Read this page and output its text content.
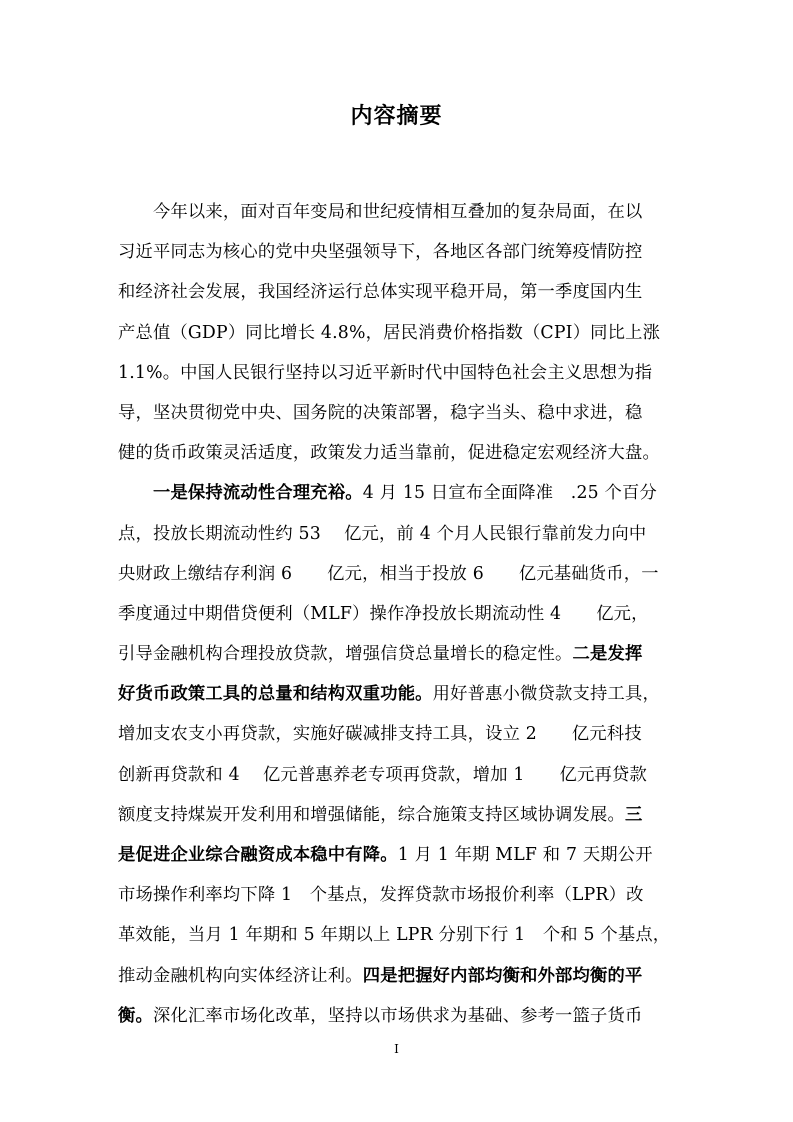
内容摘要
　　今年以来，面对百年变局和世纪疫情相互叠加的复杂局面，在以
习近平同志为核心的党中央坚强领导下，各地区各部门统筹疫情防控
和经济社会发展，我国经济运行总体实现平稳开局，第一季度国内生
产总值（GDP）同比增长 4.8%，居民消费价格指数（CPI）同比上涨
1.1%。中国人民银行坚持以习近平新时代中国特色社会主义思想为指
导，坚决贯彻党中央、国务院的决策部署，稳字当头、稳中求进，稳
健的货币政策灵活适度，政策发力适当靠前，促进稳定宏观经济大盘。
　　一是保持流动性合理充裕。4 月 15 日宣布全面降准　.25 个百分
点，投放长期流动性约 53　 亿元，前 4 个月人民银行靠前发力向中
央财政上缴结存利润 6　　亿元，相当于投放 6　　亿元基础货币，一
季度通过中期借贷便利（MLF）操作净投放长期流动性 4　　亿元，
引导金融机构合理投放贷款，增强信贷总量增长的稳定性。二是发挥
好货币政策工具的总量和结构双重功能。用好普惠小微贷款支持工具，
增加支农支小再贷款，实施好碳减排支持工具，设立 2　　亿元科技
创新再贷款和 4　 亿元普惠养老专项再贷款，增加 1　　亿元再贷款
额度支持煤炭开发利用和增强储能，综合施策支持区域协调发展。三
是促进企业综合融资成本稳中有降。1 月 1 年期 MLF 和 7 天期公开
市场操作利率均下降 1　个基点，发挥贷款市场报价利率（LPR）改
革效能，当月 1 年期和 5 年期以上 LPR 分别下行 1　个和 5 个基点，
推动金融机构向实体经济让利。四是把握好内部均衡和外部均衡的平
衡。深化汇率市场化改革，坚持以市场供求为基础、参考一篮子货币
I
